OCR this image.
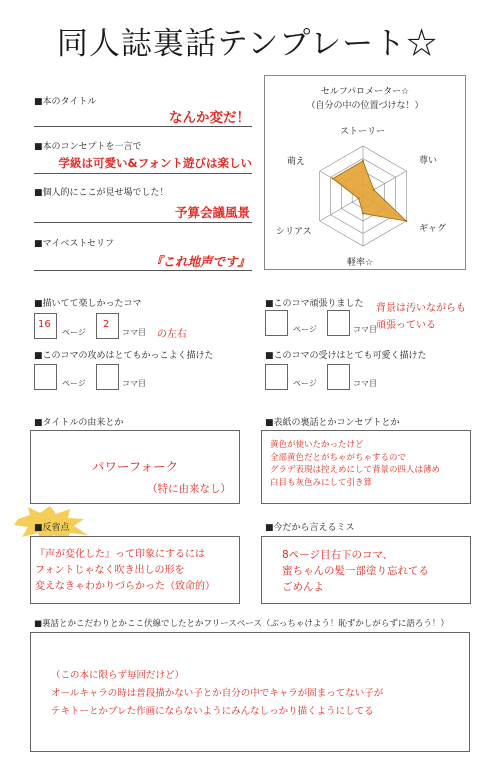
同人誌裏話テンプレート☆
■本のタイトル
なんか変だ！
■本のコンセプトを一言で
学級は可愛い&フォント遊びは楽しい
■個人的にここが見せ場でした！
予算会議風景
■マイベストセリフ
『これ地声です』
セルフパロメーター☆
（自分の中の位置づけな！）
ストーリー
尊い
ギャグ
軽率☆
シリアス
萌え
■描いてて楽しかったコマ
16
ページ
2
コマ目 の左右
■このコマ頑張りました
ページ	コマ目
背景は汚いながらも
頑張っている
■このコマの攻めはとてもかっこよく描けた
ページ	コマ目
■このコマの受けはとても可愛く描けた
ページ	コマ目
■タイトルの由来とか
パワーフォーク
（特に由来なし）
■表紙の裏話とかコンセプトとか
黄色が使いたかったけど
全部黄色だとがちゃがちゃするので
グラデ表現は控えめにして背景の四人は薄め
白目も灰色みにして引き算
■反省点
『声が変化した』って印象にするには
フォントじゃなく吹き出しの形を
変えなきゃわかりづらかった（致命的）
■今だから言えるミス
8ページ目右下のコマ、
蜜ちゃんの髪一部塗り忘れてる
ごめんよ
■裏話とかこだわりとかここ伏線でしたとかフリースペース（ぶっちゃけよう！恥ずかしがらずに語ろう！）
（この本に限らず毎回だけど）
オールキャラの時は普段描かない子とか自分の中でキャラが固まってない子が
テキトーとかブレた作画にならないようにみんなしっかり描くようにしてる
